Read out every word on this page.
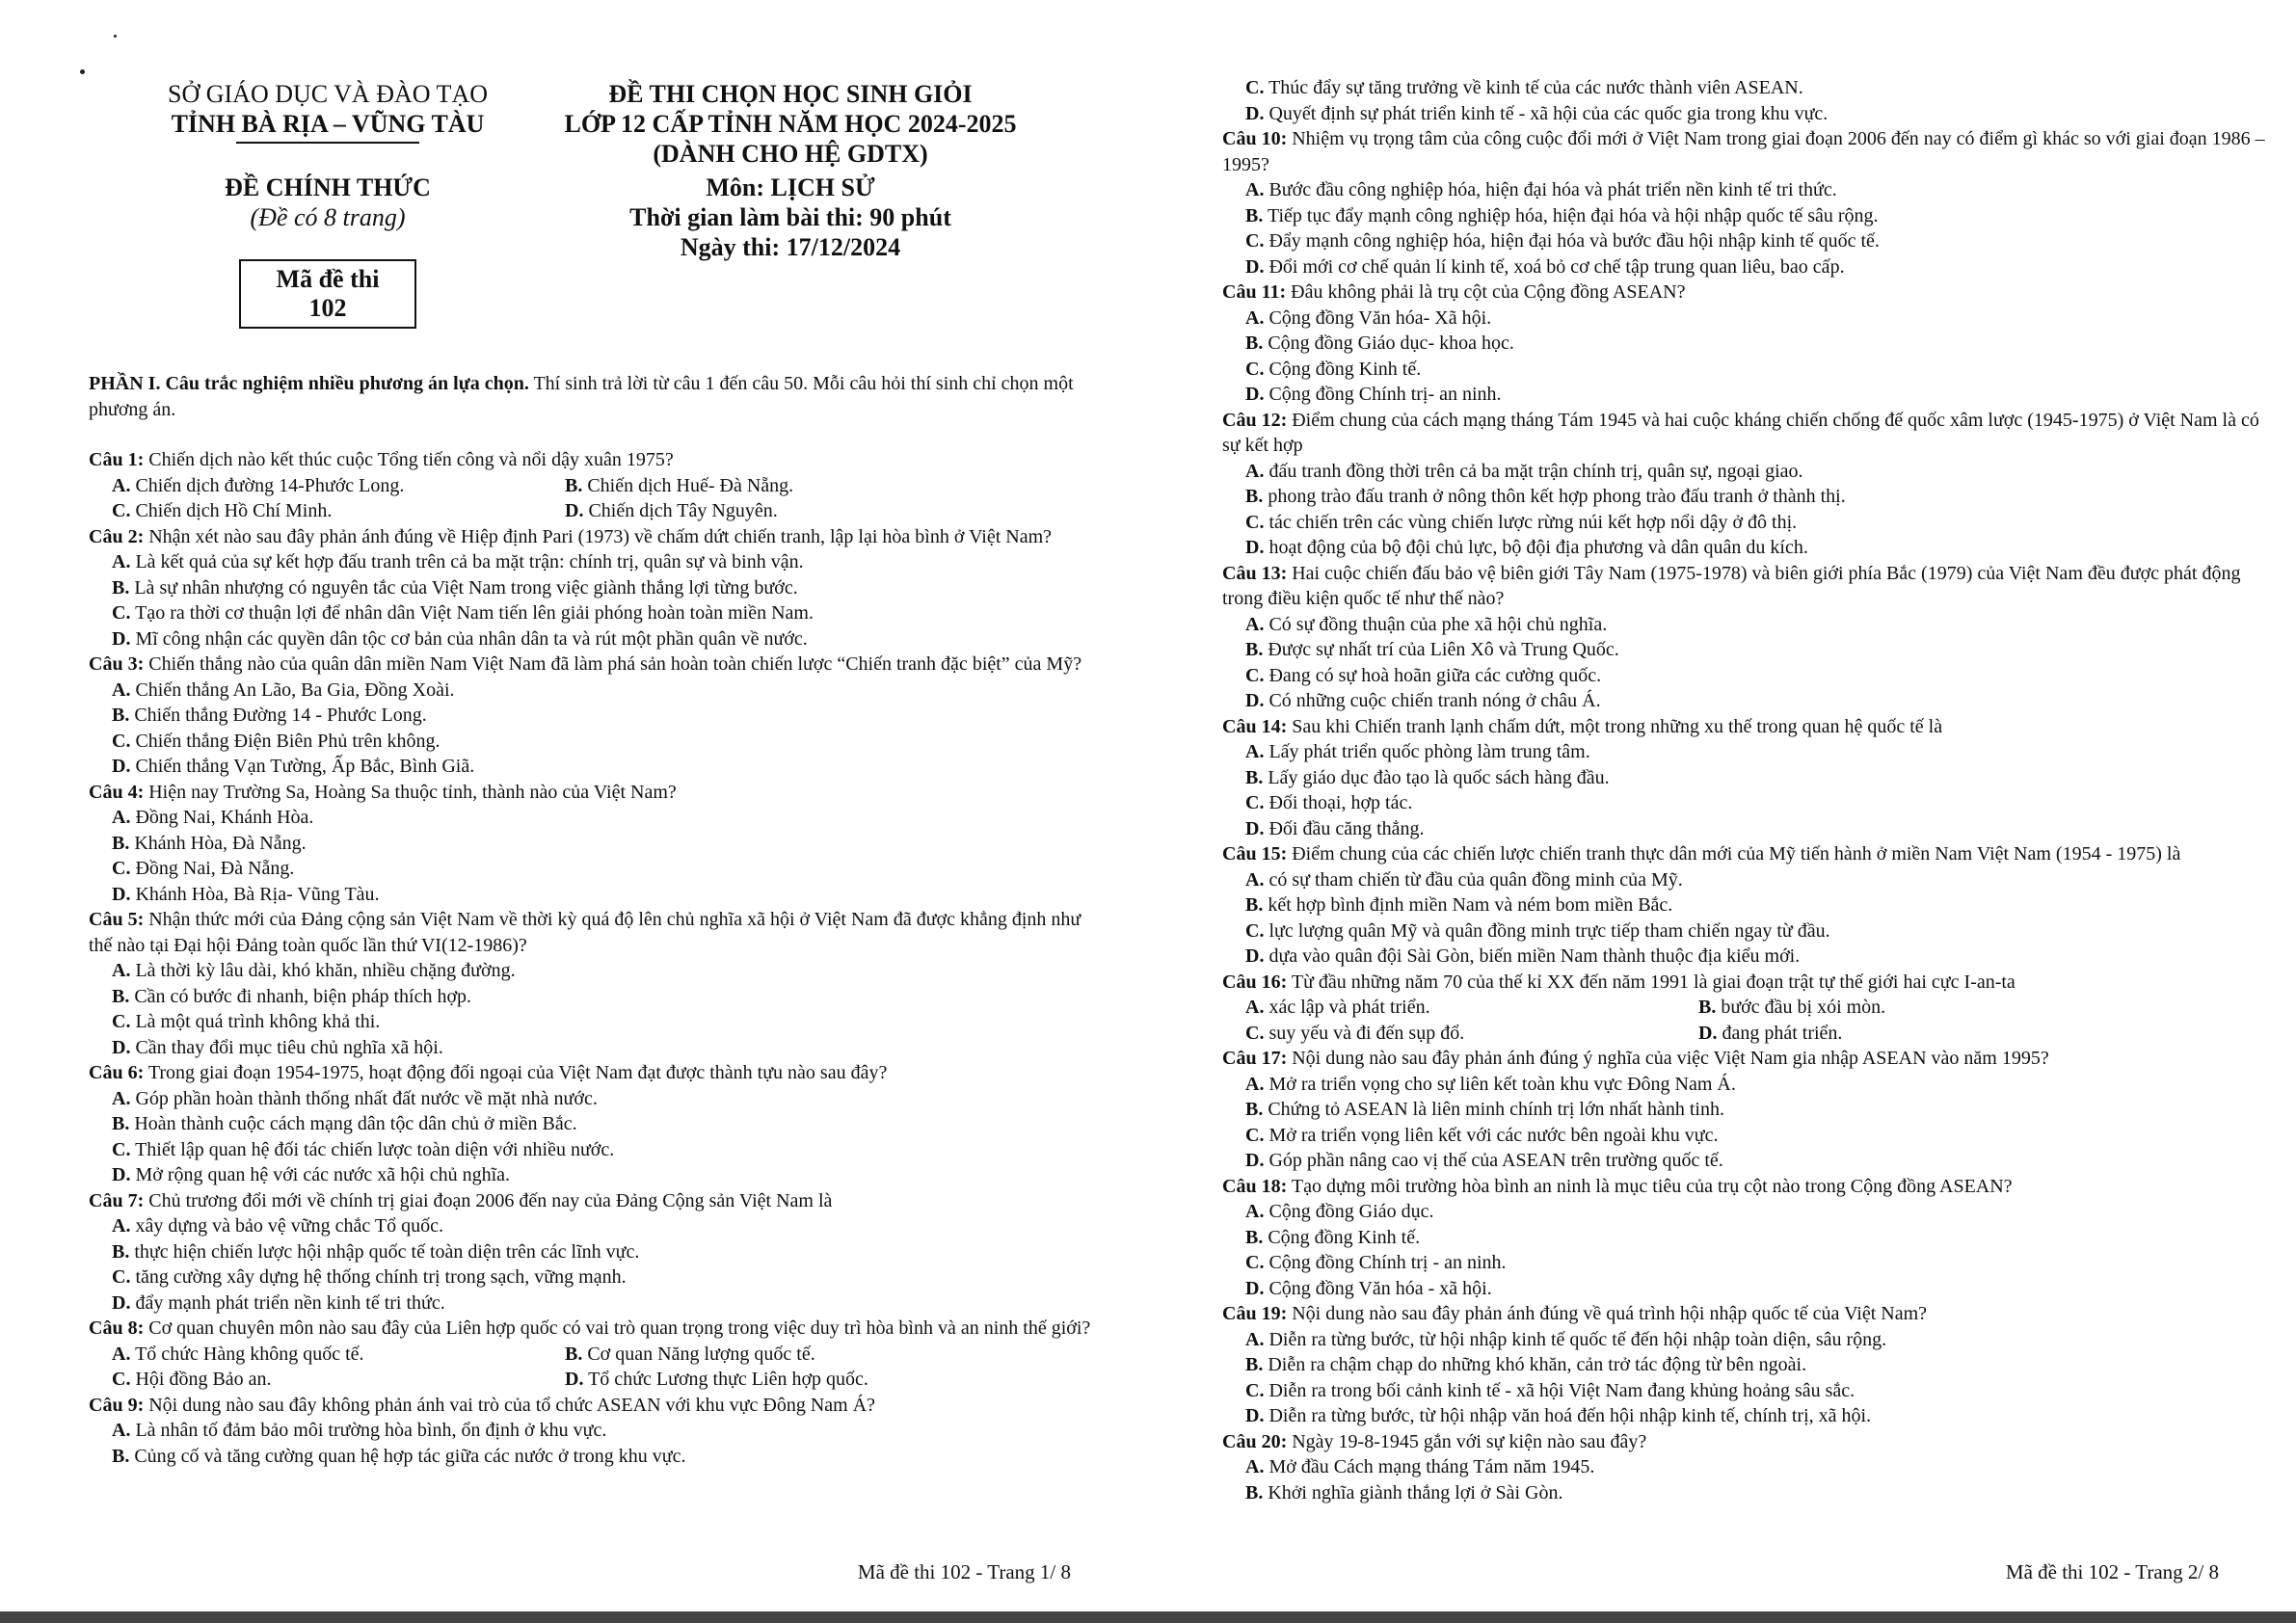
SỞ GIÁO DỤC VÀ ĐÀO TẠO
TỈNH BÀ RỊA – VŨNG TÀU
ĐỀ CHÍNH THỨC
(Đề có 8 trang)
Mã đề thi
102
ĐỀ THI CHỌN HỌC SINH GIỎI
LỚP 12 CẤP TỈNH NĂM HỌC 2024-2025
(DÀNH CHO HỆ GDTX)
Môn: LỊCH SỬ
Thời gian làm bài thi: 90 phút
Ngày thi: 17/12/2024
PHẦN I. Câu trắc nghiệm nhiều phương án lựa chọn. Thí sinh trả lời từ câu 1 đến câu 50. Mỗi câu hỏi thí sinh chỉ chọn một phương án.
Câu 1: Chiến dịch nào kết thúc cuộc Tổng tiến công và nổi dậy xuân 1975?
A. Chiến dịch đường 14-Phước Long.	B. Chiến dịch Huế- Đà Nẵng.
C. Chiến dịch Hồ Chí Minh.	D. Chiến dịch Tây Nguyên.
Câu 2: Nhận xét nào sau đây phản ánh đúng về Hiệp định Pari (1973) về chấm dứt chiến tranh, lập lại hòa bình ở Việt Nam?
A. Là kết quả của sự kết hợp đấu tranh trên cả ba mặt trận: chính trị, quân sự và binh vận.
B. Là sự nhân nhượng có nguyên tắc của Việt Nam trong việc giành thắng lợi từng bước.
C. Tạo ra thời cơ thuận lợi để nhân dân Việt Nam tiến lên giải phóng hoàn toàn miền Nam.
D. Mĩ công nhận các quyền dân tộc cơ bản của nhân dân ta và rút một phần quân về nước.
Câu 3: Chiến thắng nào của quân dân miền Nam Việt Nam đã làm phá sản hoàn toàn chiến lược “Chiến tranh đặc biệt” của Mỹ?
A. Chiến thắng An Lão, Ba Gia, Đồng Xoài.
B. Chiến thắng Đường 14 - Phước Long.
C. Chiến thắng Điện Biên Phủ trên không.
D. Chiến thắng Vạn Tường, Ấp Bắc, Bình Giã.
Câu 4: Hiện nay Trường Sa, Hoàng Sa thuộc tỉnh, thành nào của Việt Nam?
A. Đồng Nai, Khánh Hòa.
B. Khánh Hòa, Đà Nẵng.
C. Đồng Nai, Đà Nẵng.
D. Khánh Hòa, Bà Rịa- Vũng Tàu.
Câu 5: Nhận thức mới của Đảng cộng sản Việt Nam về thời kỳ quá độ lên chủ nghĩa xã hội ở Việt Nam đã được khẳng định như thế nào tại Đại hội Đảng toàn quốc lần thứ VI(12-1986)?
A. Là thời kỳ lâu dài, khó khăn, nhiều chặng đường.
B. Cần có bước đi nhanh, biện pháp thích hợp.
C. Là một quá trình không khả thi.
D. Cần thay đổi mục tiêu chủ nghĩa xã hội.
Câu 6: Trong giai đoạn 1954-1975, hoạt động đối ngoại của Việt Nam đạt được thành tựu nào sau đây?
A. Góp phần hoàn thành thống nhất đất nước về mặt nhà nước.
B. Hoàn thành cuộc cách mạng dân tộc dân chủ ở miền Bắc.
C. Thiết lập quan hệ đối tác chiến lược toàn diện với nhiều nước.
D. Mở rộng quan hệ với các nước xã hội chủ nghĩa.
Câu 7: Chủ trương đổi mới về chính trị giai đoạn 2006 đến nay của Đảng Cộng sản Việt Nam là
A. xây dựng và bảo vệ vững chắc Tổ quốc.
B. thực hiện chiến lược hội nhập quốc tế toàn diện trên các lĩnh vực.
C. tăng cường xây dựng hệ thống chính trị trong sạch, vững mạnh.
D. đẩy mạnh phát triển nền kinh tế tri thức.
Câu 8: Cơ quan chuyên môn nào sau đây của Liên hợp quốc có vai trò quan trọng trong việc duy trì hòa bình và an ninh thế giới?
A. Tổ chức Hàng không quốc tế.	B. Cơ quan Năng lượng quốc tế.
C. Hội đồng Bảo an.	D. Tổ chức Lương thực Liên hợp quốc.
Câu 9: Nội dung nào sau đây không phản ánh vai trò của tổ chức ASEAN với khu vực Đông Nam Á?
A. Là nhân tố đảm bảo môi trường hòa bình, ổn định ở khu vực.
B. Củng cố và tăng cường quan hệ hợp tác giữa các nước ở trong khu vực.
Mã đề thi 102 - Trang 1/ 8
C. Thúc đẩy sự tăng trưởng về kinh tế của các nước thành viên ASEAN.
D. Quyết định sự phát triển kinh tế - xã hội của các quốc gia trong khu vực.
Câu 10: Nhiệm vụ trọng tâm của công cuộc đổi mới ở Việt Nam trong giai đoạn 2006 đến nay có điểm gì khác so với giai đoạn 1986 – 1995?
A. Bước đầu công nghiệp hóa, hiện đại hóa và phát triển nền kinh tế tri thức.
B. Tiếp tục đẩy mạnh công nghiệp hóa, hiện đại hóa và hội nhập quốc tế sâu rộng.
C. Đẩy mạnh công nghiệp hóa, hiện đại hóa và bước đầu hội nhập kinh tế quốc tế.
D. Đổi mới cơ chế quản lí kinh tế, xoá bỏ cơ chế tập trung quan liêu, bao cấp.
Câu 11: Đâu không phải là trụ cột của Cộng đồng ASEAN?
A. Cộng đồng Văn hóa- Xã hội.
B. Cộng đồng Giáo dục- khoa học.
C. Cộng đồng Kinh tế.
D. Cộng đồng Chính trị- an ninh.
Câu 12: Điểm chung của cách mạng tháng Tám 1945 và hai cuộc kháng chiến chống đế quốc xâm lược (1945-1975) ở Việt Nam là có sự kết hợp
A. đấu tranh đồng thời trên cả ba mặt trận chính trị, quân sự, ngoại giao.
B. phong trào đấu tranh ở nông thôn kết hợp phong trào đấu tranh ở thành thị.
C. tác chiến trên các vùng chiến lược rừng núi kết hợp nổi dậy ở đô thị.
D. hoạt động của bộ đội chủ lực, bộ đội địa phương và dân quân du kích.
Câu 13: Hai cuộc chiến đấu bảo vệ biên giới Tây Nam (1975-1978) và biên giới phía Bắc (1979) của Việt Nam đều được phát động trong điều kiện quốc tế như thế nào?
A. Có sự đồng thuận của phe xã hội chủ nghĩa.
B. Được sự nhất trí của Liên Xô và Trung Quốc.
C. Đang có sự hoà hoãn giữa các cường quốc.
D. Có những cuộc chiến tranh nóng ở châu Á.
Câu 14: Sau khi Chiến tranh lạnh chấm dứt, một trong những xu thế trong quan hệ quốc tế là
A. Lấy phát triển quốc phòng làm trung tâm.
B. Lấy giáo dục đào tạo là quốc sách hàng đầu.
C. Đối thoại, hợp tác.
D. Đối đầu căng thẳng.
Câu 15: Điểm chung của các chiến lược chiến tranh thực dân mới của Mỹ tiến hành ở miền Nam Việt Nam (1954 - 1975) là
A. có sự tham chiến từ đầu của quân đồng minh của Mỹ.
B. kết hợp bình định miền Nam và ném bom miền Bắc.
C. lực lượng quân Mỹ và quân đồng minh trực tiếp tham chiến ngay từ đầu.
D. dựa vào quân đội Sài Gòn, biến miền Nam thành thuộc địa kiểu mới.
Câu 16: Từ đầu những năm 70 của thế kỉ XX đến năm 1991 là giai đoạn trật tự thế giới hai cực I-an-ta
A. xác lập và phát triển.	B. bước đầu bị xói mòn.
C. suy yếu và đi đến sụp đổ.	D. đang phát triển.
Câu 17: Nội dung nào sau đây phản ánh đúng ý nghĩa của việc Việt Nam gia nhập ASEAN vào năm 1995?
A. Mở ra triển vọng cho sự liên kết toàn khu vực Đông Nam Á.
B. Chứng tỏ ASEAN là liên minh chính trị lớn nhất hành tinh.
C. Mở ra triển vọng liên kết với các nước bên ngoài khu vực.
D. Góp phần nâng cao vị thế của ASEAN trên trường quốc tế.
Câu 18: Tạo dựng môi trường hòa bình an ninh là mục tiêu của trụ cột nào trong Cộng đồng ASEAN?
A. Cộng đồng Giáo dục.
B. Cộng đồng Kinh tế.
C. Cộng đồng Chính trị - an ninh.
D. Cộng đồng Văn hóa - xã hội.
Câu 19: Nội dung nào sau đây phản ánh đúng về quá trình hội nhập quốc tế của Việt Nam?
A. Diễn ra từng bước, từ hội nhập kinh tế quốc tế đến hội nhập toàn diện, sâu rộng.
B. Diễn ra chậm chạp do những khó khăn, cản trở tác động từ bên ngoài.
C. Diễn ra trong bối cảnh kinh tế - xã hội Việt Nam đang khủng hoảng sâu sắc.
D. Diễn ra từng bước, từ hội nhập văn hoá đến hội nhập kinh tế, chính trị, xã hội.
Câu 20: Ngày 19-8-1945 gắn với sự kiện nào sau đây?
A. Mở đầu Cách mạng tháng Tám năm 1945.
B. Khởi nghĩa giành thắng lợi ở Sài Gòn.
Mã đề thi 102 - Trang 2/ 8
